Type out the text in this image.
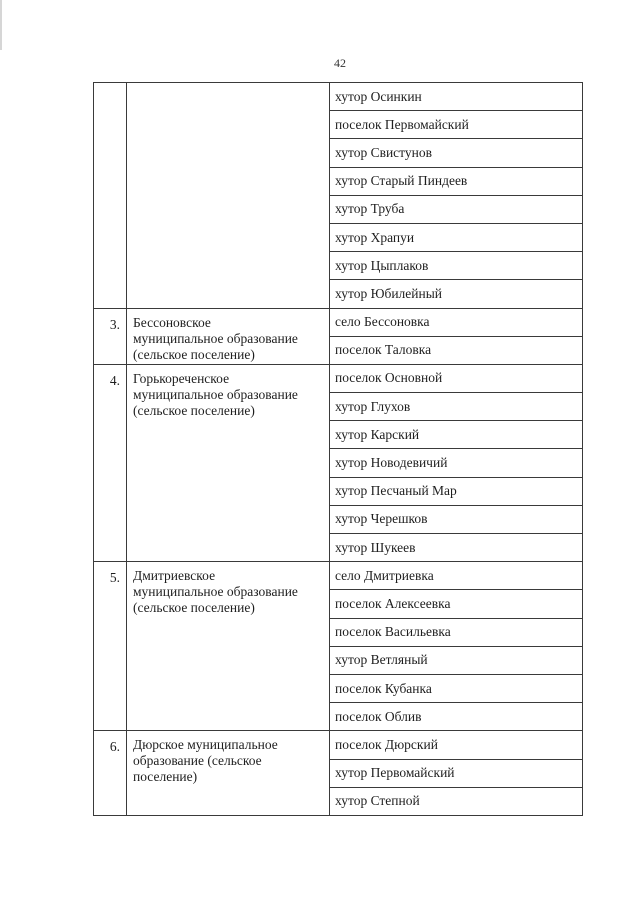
42
		хутор Осинкин
		поселок Первомайский
		хутор Свистунов
		хутор Старый Пиндеев
		хутор Труба
		хутор Храпуи
		хутор Цыплаков
		хутор Юбилейный
3.	Бессоновское
муниципальное образование
(сельское поселение)	село Бессоновка
		поселок Таловка
4.	Горькореченское
муниципальное образование
(сельское поселение)	поселок Основной
		хутор Глухов
		хутор Карский
		хутор Новодевичий
		хутор Песчаный Мар
		хутор Черешков
		хутор Шукеев
5.	Дмитриевское
муниципальное образование
(сельское поселение)	село Дмитриевка
		поселок Алексеевка
		поселок Васильевка
		хутор Ветляный
		поселок Кубанка
		поселок Облив
6.	Дюрское муниципальное
образование (сельское
поселение)	поселок Дюрский
		хутор Первомайский
		хутор Степной
